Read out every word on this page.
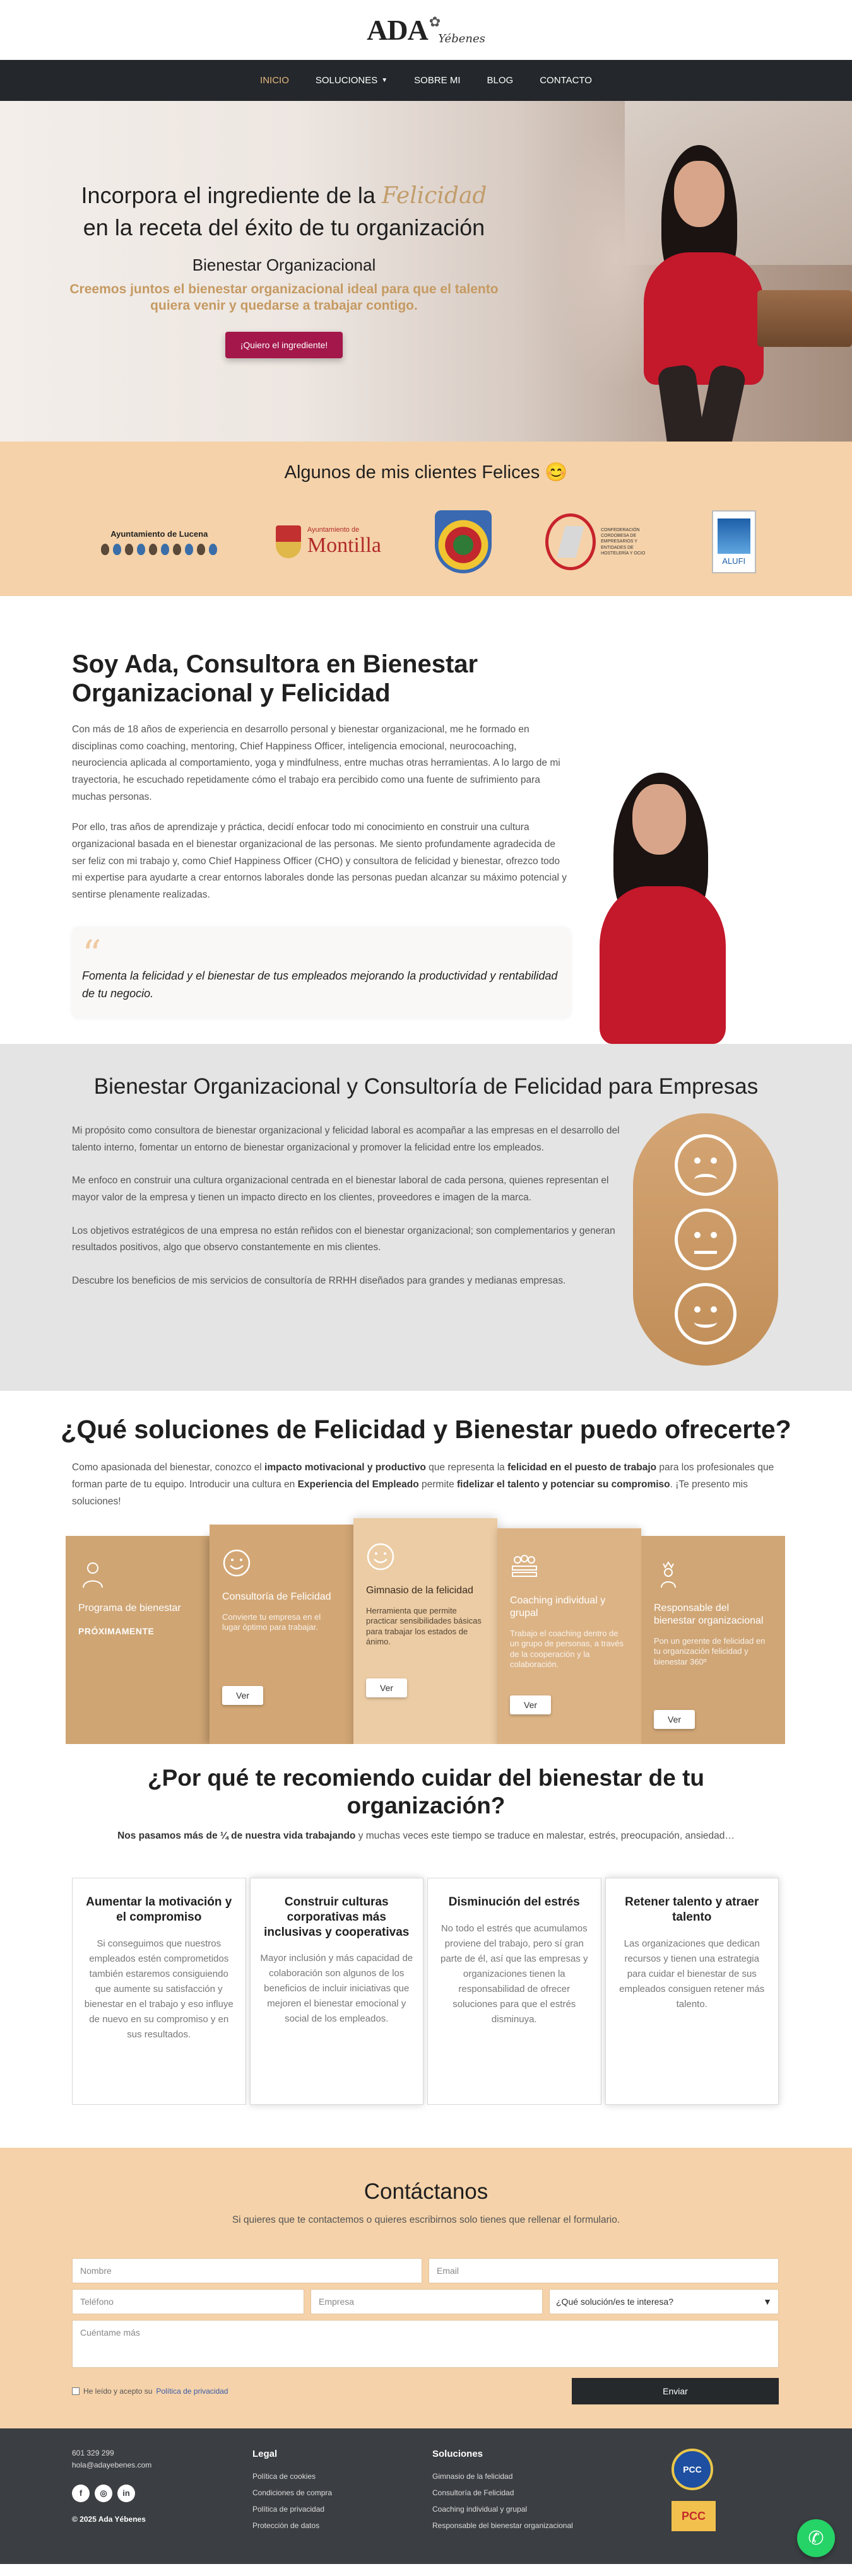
ADA ✿
Yébenes
INICIO	SOLUCIONES ▼	SOBRE MI	BLOG	CONTACTO
Incorpora el ingrediente de la Felicidad
en la receta del éxito de tu organización
Bienestar Organizacional
Creemos juntos el bienestar organizacional ideal para que el talento quiera venir y quedarse a trabajar contigo.
¡Quiero el ingrediente!
Algunos de mis clientes Felices 😊
Ayuntamiento de Lucena	Ayuntamiento de
Montilla
CONFEDERACIÓN CORDOBESA DE EMPRESARIOS Y ENTIDADES DE HOSTELERÍA Y OCIO
ALUFI
Soy Ada, Consultora en Bienestar Organizacional y Felicidad

Con más de 18 años de experiencia en desarrollo personal y bienestar organizacional, me he formado en disciplinas como coaching, mentoring, Chief Happiness Officer, inteligencia emocional, neurocoaching, neurociencia aplicada al comportamiento, yoga y mindfulness, entre muchas otras herramientas. A lo largo de mi trayectoria, he escuchado repetidamente cómo el trabajo era percibido como una fuente de sufrimiento para muchas personas.

Por ello, tras años de aprendizaje y práctica, decidí enfocar todo mi conocimiento en construir una cultura organizacional basada en el bienestar organizacional de las personas. Me siento profundamente agradecida de ser feliz con mi trabajo y, como Chief Happiness Officer (CHO) y consultora de felicidad y bienestar, ofrezco todo mi expertise para ayudarte a crear entornos laborales donde las personas puedan alcanzar su máximo potencial y sentirse plenamente realizadas.

“

Fomenta la felicidad y el bienestar de tus empleados mejorando la productividad y rentabilidad de tu negocio.

Bienestar Organizacional y Consultoría de Felicidad para Empresas

Mi propósito como consultora de bienestar organizacional y felicidad laboral es acompañar a las empresas en el desarrollo del talento interno, fomentar un entorno de bienestar organizacional y promover la felicidad entre los empleados.

Me enfoco en construir una cultura organizacional centrada en el bienestar laboral de cada persona, quienes representan el mayor valor de la empresa y tienen un impacto directo en los clientes, proveedores e imagen de la marca.

Los objetivos estratégicos de una empresa no están reñidos con el bienestar organizacional; son complementarios y generan resultados positivos, algo que observo constantemente en mis clientes.

Descubre los beneficios de mis servicios de consultoría de RRHH diseñados para grandes y medianas empresas.

¿Qué soluciones de Felicidad y Bienestar puedo ofrecerte?

Como apasionada del bienestar, conozco el impacto motivacional y productivo que representa la felicidad en el puesto de trabajo para los profesionales que forman parte de tu equipo. Introducir una cultura en Experiencia del Empleado permite fidelizar el talento y potenciar su compromiso. ¡Te presento mis soluciones!

Programa de bienestar
PRÓXIMAMENTE
Consultoría de Felicidad
Convierte tu empresa en el lugar óptimo para trabajar.
Ver
Gimnasio de la felicidad
Herramienta que permite practicar sensibilidades básicas para trabajar los estados de ánimo.
Ver
Coaching individual y grupal
Trabajo el coaching dentro de un grupo de personas, a través de la cooperación y la colaboración.
Ver
Responsable del bienestar organizacional
Pon un gerente de felicidad en tu organización felicidad y bienestar 360º
Ver
¿Por qué te recomiendo cuidar del bienestar de tu organización?

Nos pasamos más de ¼ de nuestra vida trabajando y muchas veces este tiempo se traduce en malestar, estrés, preocupación, ansiedad…

Aumentar la motivación y el compromiso

Si conseguimos que nuestros empleados estén comprometidos también estaremos consiguiendo que aumente su satisfacción y bienestar en el trabajo y eso influye de nuevo en su compromiso y en sus resultados.

Construir culturas corporativas más inclusivas y cooperativas

Mayor inclusión y más capacidad de colaboración son algunos de los beneficios de incluir iniciativas que mejoren el bienestar emocional y social de los empleados.

Disminución del estrés

No todo el estrés que acumulamos proviene del trabajo, pero sí gran parte de él, así que las empresas y organizaciones tienen la responsabilidad de ofrecer soluciones para que el estrés disminuya.

Retener talento y atraer talento

Las organizaciones que dedican recursos y tienen una estrategia para cuidar el bienestar de sus empleados consiguen retener más talento.

Contáctanos

Si quieres que te contactemos o quieres escribirnos solo tienes que rellenar el formulario.

Nombre	Email
Teléfono	Empresa	¿Qué solución/es te interesa?	▼
Cuéntame más
He leído y acepto su Política de privacidad	Enviar
601 329 299
hola@adayebenes.com
f	◎	in
© 2025 Ada Yébenes
Legal
Política de cookies
Condiciones de compra
Política de privacidad
Protección de datos
Soluciones
Gimnasio de la felicidad
Consultoría de Felicidad
Coaching individual y grupal
Responsable del bienestar organizacional
PCC
PCC
✆
